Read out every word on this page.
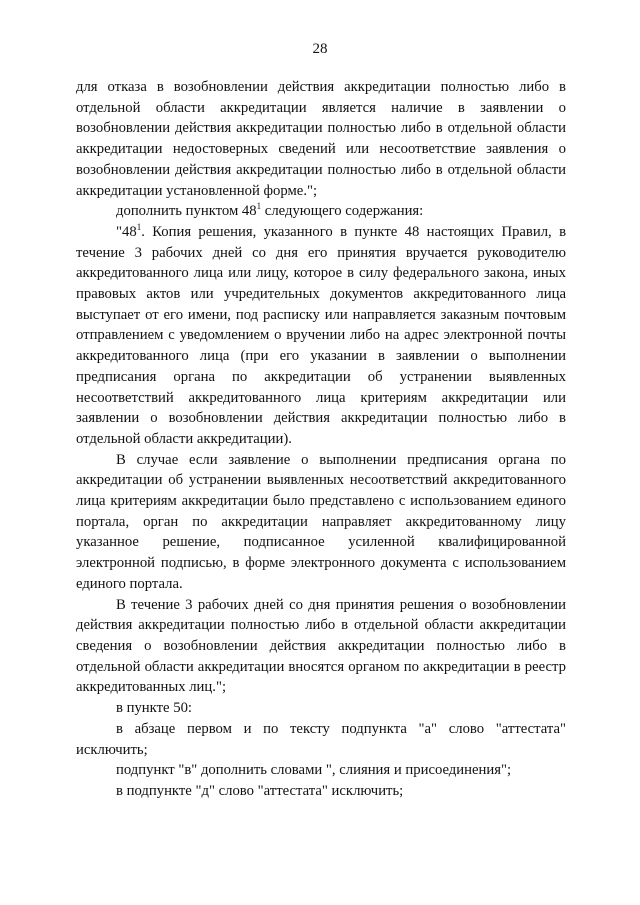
28

для отказа в возобновлении действия аккредитации полностью либо в отдельной области аккредитации является наличие в заявлении о возобновлении действия аккредитации полностью либо в отдельной области аккредитации недостоверных сведений или несоответствие заявления о возобновлении действия аккредитации полностью либо в отдельной области аккредитации установленной форме.";

дополнить пунктом $48^1$ следующего содержания:

"$48^1$. Копия решения, указанного в пункте 48 настоящих Правил, в течение 3 рабочих дней со дня его принятия вручается руководителю аккредитованного лица или лицу, которое в силу федерального закона, иных правовых актов или учредительных документов аккредитованного лица выступает от его имени, под расписку или направляется заказным почтовым отправлением с уведомлением о вручении либо на адрес электронной почты аккредитованного лица (при его указании в заявлении о выполнении предписания органа по аккредитации об устранении выявленных несоответствий аккредитованного лица критериям аккредитации или заявлении о возобновлении действия аккредитации полностью либо в отдельной области аккредитации).

В случае если заявление о выполнении предписания органа по аккредитации об устранении выявленных несоответствий аккредитованного лица критериям аккредитации было представлено с использованием единого портала, орган по аккредитации направляет аккредитованному лицу указанное решение, подписанное усиленной квалифицированной электронной подписью, в форме электронного документа с использованием единого портала.

В течение 3 рабочих дней со дня принятия решения о возобновлении действия аккредитации полностью либо в отдельной области аккредитации сведения о возобновлении действия аккредитации полностью либо в отдельной области аккредитации вносятся органом по аккредитации в реестр аккредитованных лиц.";

в пункте 50:

в абзаце первом и по тексту подпункта "а" слово "аттестата" исключить;

подпункт "в" дополнить словами ", слияния и присоединения";

в подпункте "д" слово "аттестата" исключить;
